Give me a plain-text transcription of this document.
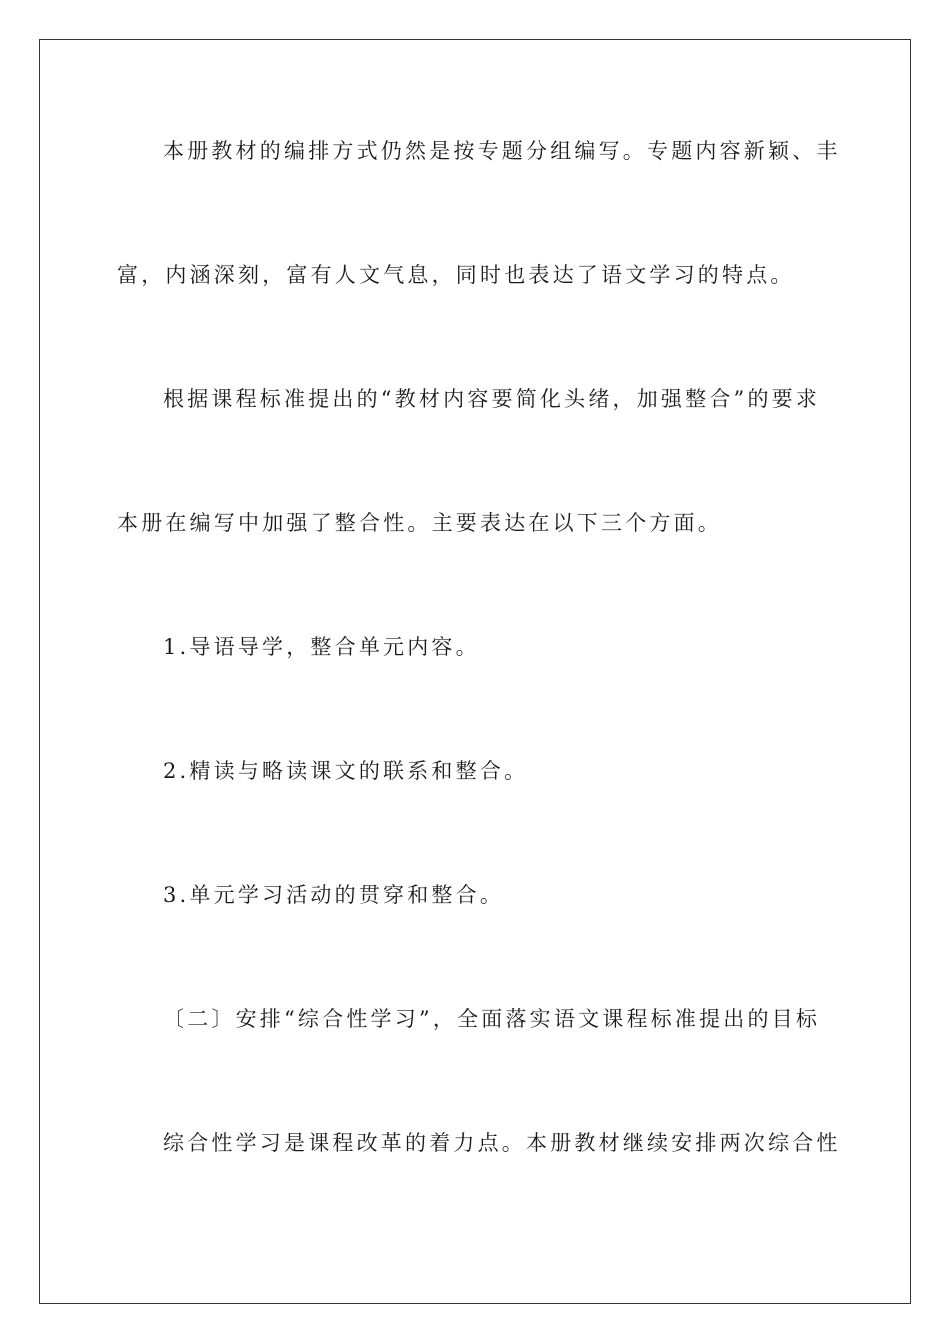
本册教材的编排方式仍然是按专题分组编写。专题内容新颖、丰
富，内涵深刻，富有人文气息，同时也表达了语文学习的特点。
根据课程标准提出的“教材内容要简化头绪，加强整合”的要求
本册在编写中加强了整合性。主要表达在以下三个方面。
1.导语导学，整合单元内容。
2.精读与略读课文的联系和整合。
3.单元学习活动的贯穿和整合。
〔二〕安排“综合性学习”，全面落实语文课程标准提出的目标
综合性学习是课程改革的着力点。本册教材继续安排两次综合性
